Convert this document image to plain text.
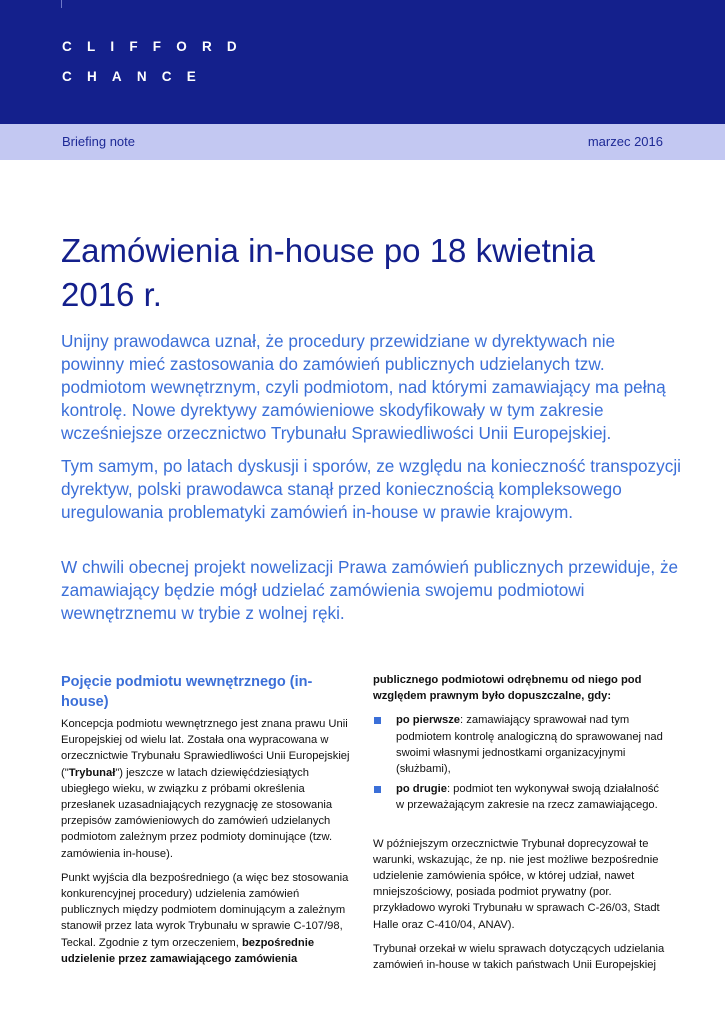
CLIFFORD
CHANCE
Briefing note	marzec 2016
Zamówienia in-house po 18 kwietnia 2016 r.

Unijny prawodawca uznał, że procedury przewidziane w dyrektywach nie powinny mieć zastosowania do zamówień publicznych udzielanych tzw. podmiotom wewnętrznym, czyli podmiotom, nad którymi zamawiający ma pełną kontrolę. Nowe dyrektywy zamówieniowe skodyfikowały w tym zakresie wcześniejsze orzecznictwo Trybunału Sprawiedliwości Unii Europejskiej.

Tym samym, po latach dyskusji i sporów, ze względu na konieczność transpozycji dyrektyw, polski prawodawca stanął przed koniecznością kompleksowego uregulowania problematyki zamówień in-house w prawie krajowym.

W chwili obecnej projekt nowelizacji Prawa zamówień publicznych przewiduje, że zamawiający będzie mógł udzielać zamówienia swojemu podmiotowi wewnętrznemu w trybie z wolnej ręki.

Pojęcie podmiotu wewnętrznego (in-house)

Koncepcja podmiotu wewnętrznego jest znana prawu Unii Europejskiej od wielu lat. Została ona wypracowana w orzecznictwie Trybunału Sprawiedliwości Unii Europejskiej ("Trybunał") jeszcze w latach dziewięćdziesiątych ubiegłego wieku, w związku z próbami określenia przesłanek uzasadniających rezygnację ze stosowania przepisów zamówieniowych do zamówień udzielanych podmiotom zależnym przez podmioty dominujące (tzw. zamówienia in-house).

Punkt wyjścia dla bezpośredniego (a więc bez stosowania konkurencyjnej procedury) udzielenia zamówień publicznych między podmiotem dominującym a zależnym stanowił przez lata wyrok Trybunału w sprawie C-107/98, Teckal. Zgodnie z tym orzeczeniem, bezpośrednie udzielenie przez zamawiającego zamówienia

publicznego podmiotowi odrębnemu od niego pod względem prawnym było dopuszczalne, gdy:

po pierwsze: zamawiający sprawował nad tym podmiotem kontrolę analogiczną do sprawowanej nad swoimi własnymi jednostkami organizacyjnymi (służbami),
po drugie: podmiot ten wykonywał swoją działalność w przeważającym zakresie na rzecz zamawiającego.

W późniejszym orzecznictwie Trybunał doprecyzował te warunki, wskazując, że np. nie jest możliwe bezpośrednie udzielenie zamówienia spółce, w której udział, nawet mniejszościowy, posiada podmiot prywatny (por. przykładowo wyroki Trybunału w sprawach C-26/03, Stadt Halle oraz C-410/04, ANAV).

Trybunał orzekał w wielu sprawach dotyczących udzielania zamówień in-house w takich państwach Unii Europejskiej
